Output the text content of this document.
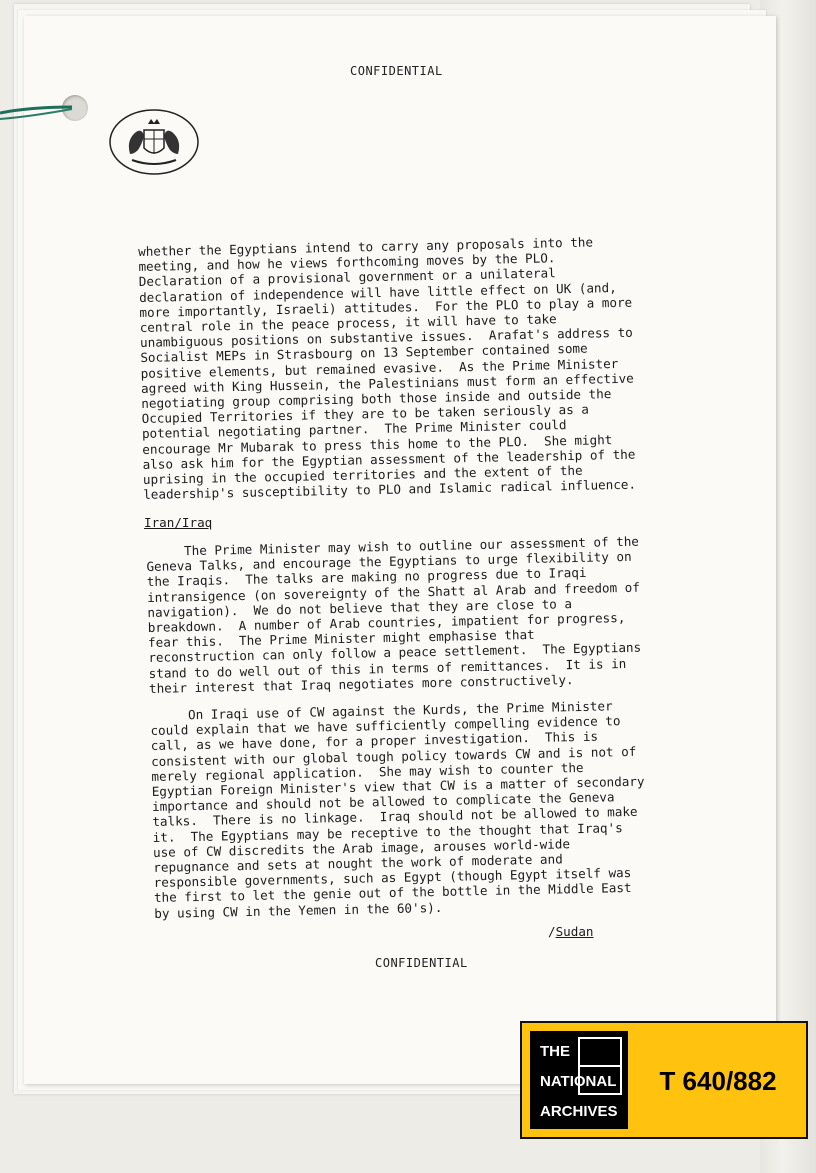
CONFIDENTIAL
whether the Egyptians intend to carry any proposals into the
meeting, and how he views forthcoming moves by the PLO.
Declaration of a provisional government or a unilateral
declaration of independence will have little effect on UK (and,
more importantly, Israeli) attitudes.  For the PLO to play a more
central role in the peace process, it will have to take
unambiguous positions on substantive issues.  Arafat's address to
Socialist MEPs in Strasbourg on 13 September contained some
positive elements, but remained evasive.  As the Prime Minister
agreed with King Hussein, the Palestinians must form an effective
negotiating group comprising both those inside and outside the
Occupied Territories if they are to be taken seriously as a
potential negotiating partner.  The Prime Minister could
encourage Mr Mubarak to press this home to the PLO.  She might
also ask him for the Egyptian assessment of the leadership of the
uprising in the occupied territories and the extent of the
leadership's susceptibility to PLO and Islamic radical influence.
Iran/Iraq
The Prime Minister may wish to outline our assessment of the
Geneva Talks, and encourage the Egyptians to urge flexibility on
the Iraqis.  The talks are making no progress due to Iraqi
intransigence (on sovereignty of the Shatt al Arab and freedom of
navigation).  We do not believe that they are close to a
breakdown.  A number of Arab countries, impatient for progress,
fear this.  The Prime Minister might emphasise that
reconstruction can only follow a peace settlement.  The Egyptians
stand to do well out of this in terms of remittances.  It is in
their interest that Iraq negotiates more constructively.
On Iraqi use of CW against the Kurds, the Prime Minister
could explain that we have sufficiently compelling evidence to
call, as we have done, for a proper investigation.  This is
consistent with our global tough policy towards CW and is not of
merely regional application.  She may wish to counter the
Egyptian Foreign Minister's view that CW is a matter of secondary
importance and should not be allowed to complicate the Geneva
talks.  There is no linkage.  Iraq should not be allowed to make
it.  The Egyptians may be receptive to the thought that Iraq's
use of CW discredits the Arab image, arouses world-wide
repugnance and sets at nought the work of moderate and
responsible governments, such as Egypt (though Egypt itself was
the first to let the genie out of the bottle in the Middle East
by using CW in the Yemen in the 60's).
/Sudan
CONFIDENTIAL
THE
NATIONAL
ARCHIVES
T 640/882
